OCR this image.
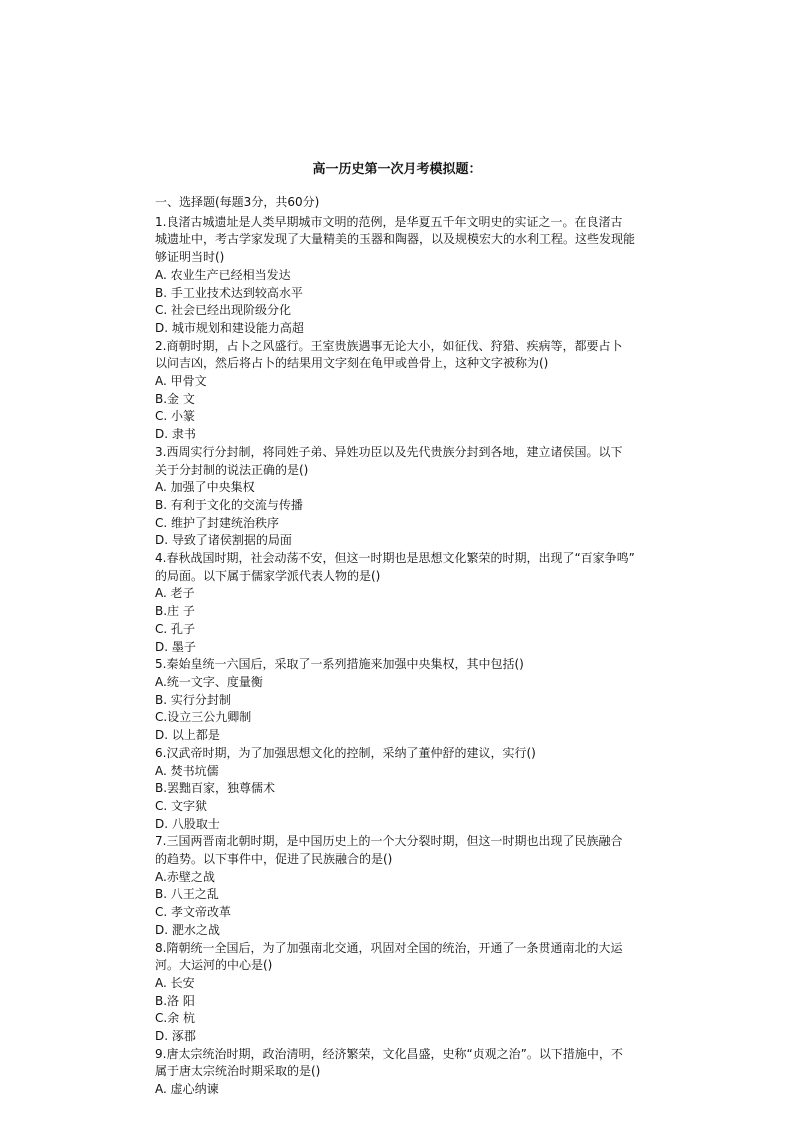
高一历史第一次月考模拟题：
一、选择题(每题3分，共60分)
1.良渚古城遗址是人类早期城市文明的范例，是华夏五千年文明史的实证之一。在良渚古
城遗址中，考古学家发现了大量精美的玉器和陶器，以及规模宏大的水利工程。这些发现能
够证明当时()
A. 农业生产已经相当发达
B. 手工业技术达到较高水平
C. 社会已经出现阶级分化
D. 城市规划和建设能力高超
2.商朝时期，占卜之风盛行。王室贵族遇事无论大小，如征伐、狩猎、疾病等，都要占卜
以问吉凶，然后将占卜的结果用文字刻在龟甲或兽骨上，这种文字被称为()
A. 甲骨文
B.金 文
C. 小篆
D. 隶书
3.西周实行分封制，将同姓子弟、异姓功臣以及先代贵族分封到各地，建立诸侯国。以下
关于分封制的说法正确的是()
A. 加强了中央集权
B. 有利于文化的交流与传播
C. 维护了封建统治秩序
D. 导致了诸侯割据的局面
4.春秋战国时期，社会动荡不安，但这一时期也是思想文化繁荣的时期，出现了“百家争鸣”
的局面。以下属于儒家学派代表人物的是()
A. 老子
B.庄 子
C. 孔子
D. 墨子
5.秦始皇统一六国后，采取了一系列措施来加强中央集权，其中包括()
A.统一文字、度量衡
B. 实行分封制
C.设立三公九卿制
D. 以上都是
6.汉武帝时期，为了加强思想文化的控制，采纳了董仲舒的建议，实行()
A. 焚书坑儒
B.罢黜百家，独尊儒术
C. 文字狱
D. 八股取士
7.三国两晋南北朝时期，是中国历史上的一个大分裂时期，但这一时期也出现了民族融合
的趋势。以下事件中，促进了民族融合的是()
A.赤壁之战
B. 八王之乱
C. 孝文帝改革
D. 淝水之战
8.隋朝统一全国后，为了加强南北交通，巩固对全国的统治，开通了一条贯通南北的大运
河。大运河的中心是()
A. 长安
B.洛 阳
C.余 杭
D. 涿郡
9.唐太宗统治时期，政治清明，经济繁荣，文化昌盛，史称“贞观之治”。以下措施中，不
属于唐太宗统治时期采取的是()
A. 虚心纳谏
